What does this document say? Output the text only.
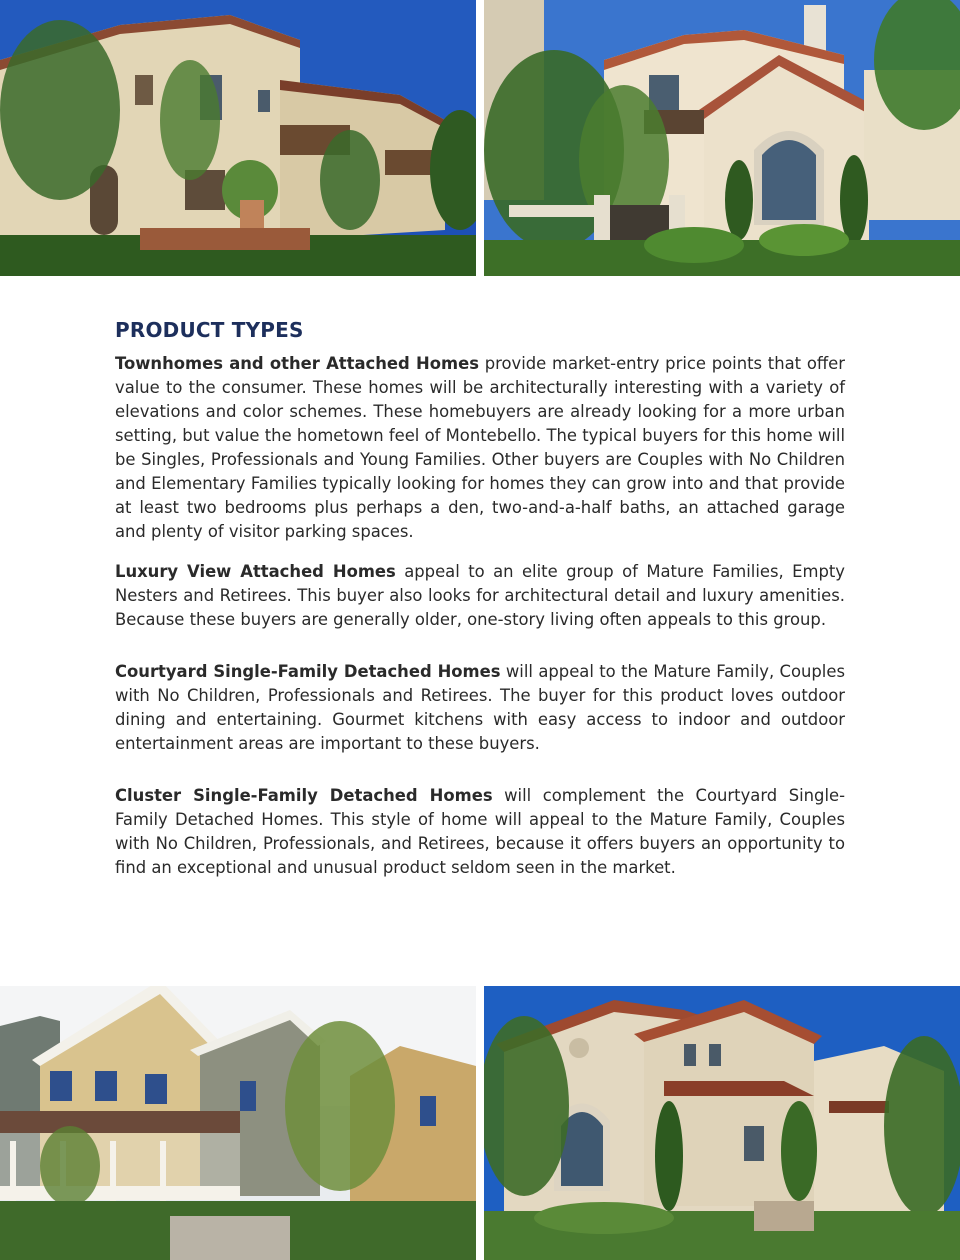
PRODUCT TYPES

Townhomes and other Attached Homes provide market-entry price points that offer value to the consumer. These homes will be architecturally interesting with a variety of elevations and color schemes. These homebuyers are already looking for a more urban setting, but value the hometown feel of Montebello. The typical buyers for this home will be Singles, Professionals and Young Families. Other buyers are Couples with No Children and Elementary Families typically looking for homes they can grow into and that provide at least two bedrooms plus perhaps a den, two-and-a-half baths, an attached garage and plenty of visitor parking spaces.

Luxury View Attached Homes appeal to an elite group of Mature Families, Empty Nesters and Retirees. This buyer also looks for architectural detail and luxury amenities. Because these buyers are generally older, one-story living often appeals to this group.

Courtyard Single-Family Detached Homes will appeal to the Mature Family, Couples with No Children, Professionals and Retirees. The buyer for this product loves outdoor dining and entertaining. Gourmet kitchens with easy access to indoor and outdoor entertainment areas are important to these buyers.

Cluster Single-Family Detached Homes will complement the Courtyard Single-Family Detached Homes. This style of home will appeal to the Mature Family, Couples with No Children, Professionals, and Retirees, because it offers buyers an opportunity to find an exceptional and unusual product seldom seen in the market.
